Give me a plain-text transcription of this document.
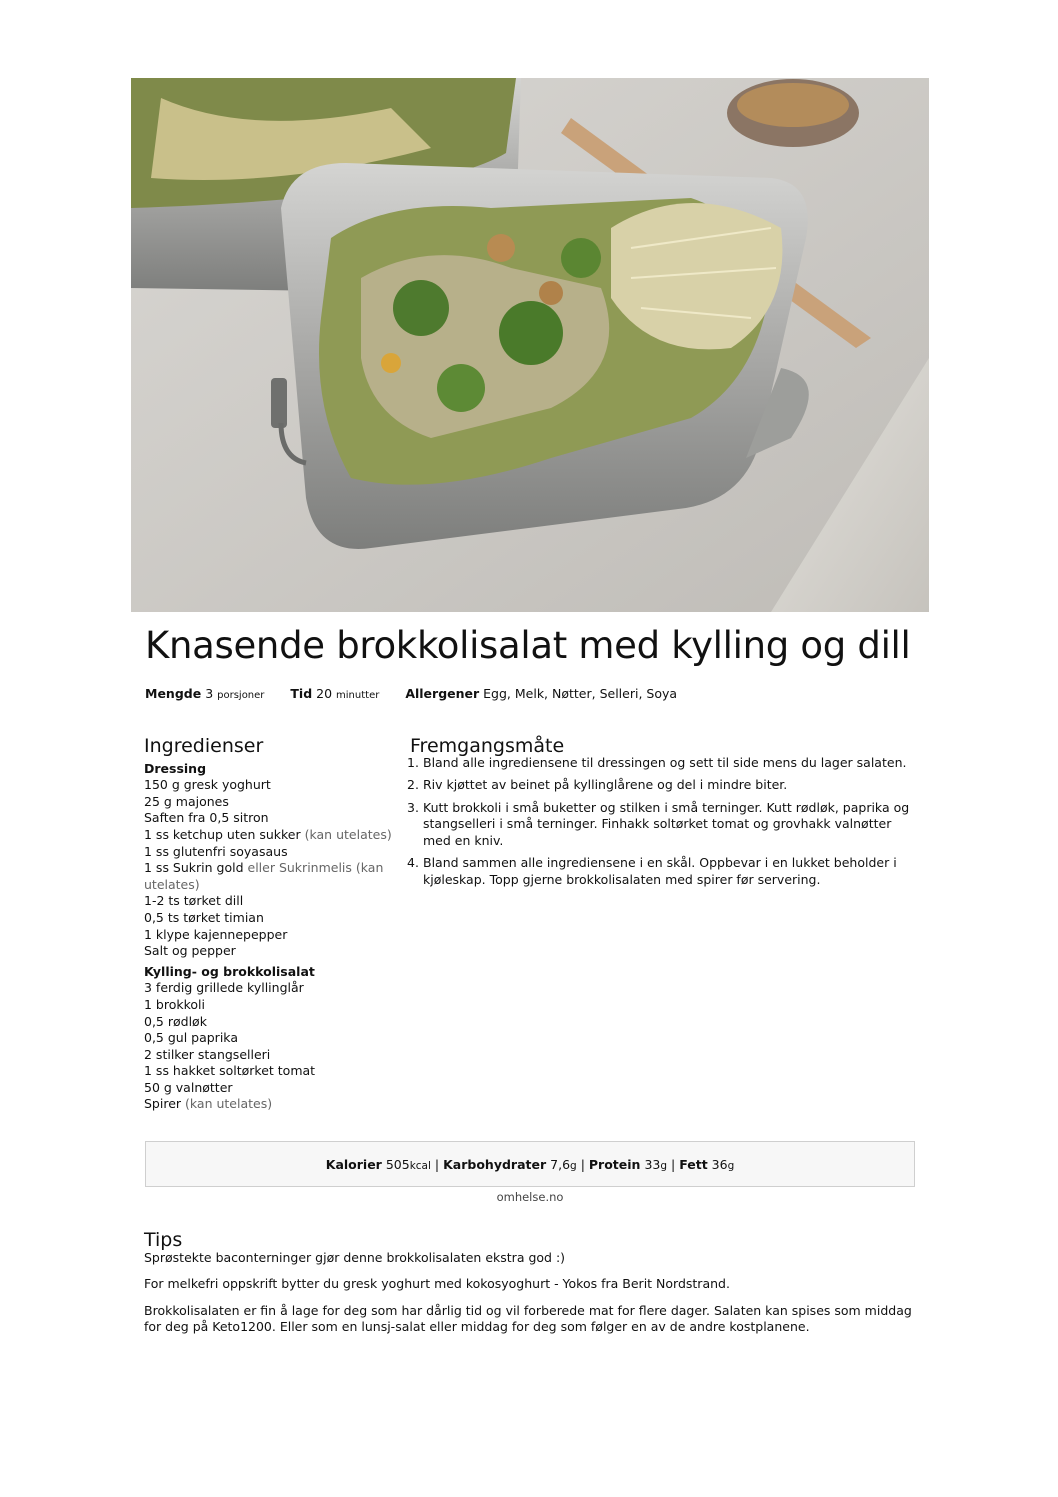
Knasende brokkolisalat med kylling og dill
Mengde 3 porsjoner Tid 20 minutter Allergener Egg, Melk, Nøtter, Selleri, Soya
Ingredienser
Dressing
150 g gresk yoghurt
25 g majones
Saften fra 0,5 sitron
1 ss ketchup uten sukker (kan utelates)
1 ss glutenfri soyasaus
1 ss Sukrin gold eller Sukrinmelis (kan utelates)
1-2 ts tørket dill
0,5 ts tørket timian
1 klype kajennepepper
Salt og pepper
Kylling- og brokkolisalat
3 ferdig grillede kyllinglår
1 brokkoli
0,5 rødløk
0,5 gul paprika
2 stilker stangselleri
1 ss hakket soltørket tomat
50 g valnøtter
Spirer (kan utelates)
Fremgangsmåte
1. Bland alle ingrediensene til dressingen og sett til side mens du lager salaten.
2. Riv kjøttet av beinet på kyllinglårene og del i mindre biter.
3. Kutt brokkoli i små buketter og stilken i små terninger. Kutt rødløk, paprika og stangselleri i små terninger. Finhakk soltørket tomat og grovhakk valnøtter med en kniv.
4. Bland sammen alle ingrediensene i en skål. Oppbevar i en lukket beholder i kjøleskap. Topp gjerne brokkolisalaten med spirer før servering.
Kalorier 505kcal | Karbohydrater 7,6g | Protein 33g | Fett 36g
omhelse.no
Tips

Sprøstekte baconterninger gjør denne brokkolisalaten ekstra god :)

For melkefri oppskrift bytter du gresk yoghurt med kokosyoghurt - Yokos fra Berit Nordstrand.

Brokkolisalaten er fin å lage for deg som har dårlig tid og vil forberede mat for flere dager. Salaten kan spises som middag for deg på Keto1200. Eller som en lunsj-salat eller middag for deg som følger en av de andre kostplanene.
